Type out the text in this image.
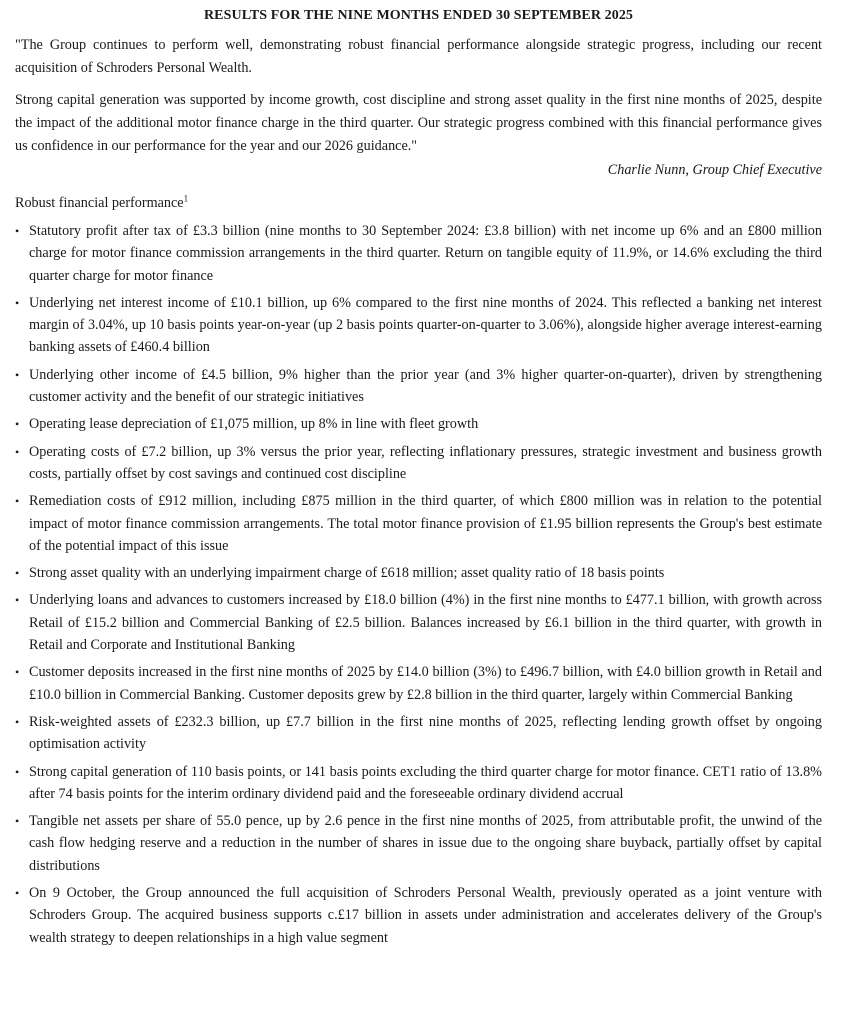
RESULTS FOR THE NINE MONTHS ENDED 30 SEPTEMBER 2025

"The Group continues to perform well, demonstrating robust financial performance alongside strategic progress, including our recent acquisition of Schroders Personal Wealth.

Strong capital generation was supported by income growth, cost discipline and strong asset quality in the first nine months of 2025, despite the impact of the additional motor finance charge in the third quarter. Our strategic progress combined with this financial performance gives us confidence in our performance for the year and our 2026 guidance."

Charlie Nunn, Group Chief Executive
Robust financial performance$^1$
• Statutory profit after tax of £3.3 billion (nine months to 30 September 2024: £3.8 billion) with net income up 6% and an £800 million charge for motor finance commission arrangements in the third quarter. Return on tangible equity of 11.9%, or 14.6% excluding the third quarter charge for motor finance
• Underlying net interest income of £10.1 billion, up 6% compared to the first nine months of 2024. This reflected a banking net interest margin of 3.04%, up 10 basis points year-on-year (up 2 basis points quarter-on-quarter to 3.06%), alongside higher average interest-earning banking assets of £460.4 billion
• Underlying other income of £4.5 billion, 9% higher than the prior year (and 3% higher quarter-on-quarter), driven by strengthening customer activity and the benefit of our strategic initiatives
• Operating lease depreciation of £1,075 million, up 8% in line with fleet growth
• Operating costs of £7.2 billion, up 3% versus the prior year, reflecting inflationary pressures, strategic investment and business growth costs, partially offset by cost savings and continued cost discipline
• Remediation costs of £912 million, including £875 million in the third quarter, of which £800 million was in relation to the potential impact of motor finance commission arrangements. The total motor finance provision of £1.95 billion represents the Group's best estimate of the potential impact of this issue
• Strong asset quality with an underlying impairment charge of £618 million; asset quality ratio of 18 basis points
• Underlying loans and advances to customers increased by £18.0 billion (4%) in the first nine months to £477.1 billion, with growth across Retail of £15.2 billion and Commercial Banking of £2.5 billion. Balances increased by £6.1 billion in the third quarter, with growth in Retail and Corporate and Institutional Banking
• Customer deposits increased in the first nine months of 2025 by £14.0 billion (3%) to £496.7 billion, with £4.0 billion growth in Retail and £10.0 billion in Commercial Banking. Customer deposits grew by £2.8 billion in the third quarter, largely within Commercial Banking
• Risk-weighted assets of £232.3 billion, up £7.7 billion in the first nine months of 2025, reflecting lending growth offset by ongoing optimisation activity
• Strong capital generation of 110 basis points, or 141 basis points excluding the third quarter charge for motor finance. CET1 ratio of 13.8% after 74 basis points for the interim ordinary dividend paid and the foreseeable ordinary dividend accrual
• Tangible net assets per share of 55.0 pence, up by 2.6 pence in the first nine months of 2025, from attributable profit, the unwind of the cash flow hedging reserve and a reduction in the number of shares in issue due to the ongoing share buyback, partially offset by capital distributions
• On 9 October, the Group announced the full acquisition of Schroders Personal Wealth, previously operated as a joint venture with Schroders Group. The acquired business supports c.£17 billion in assets under administration and accelerates delivery of the Group's wealth strategy to deepen relationships in a high value segment
